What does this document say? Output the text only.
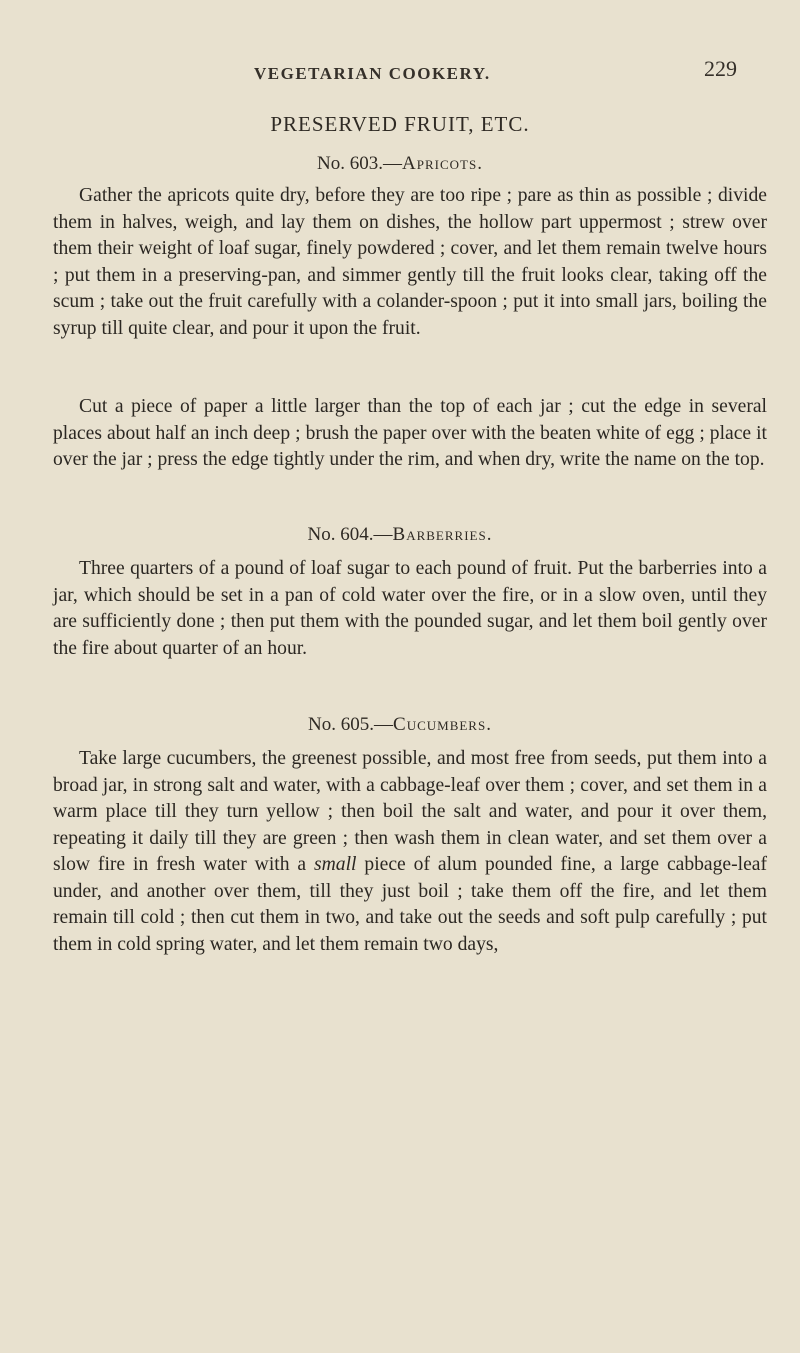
VEGETARIAN COOKERY.	229
PRESERVED FRUIT, ETC.
No. 603.—Apricots.

Gather the apricots quite dry, before they are too ripe ; pare as thin as possible ; divide them in halves, weigh, and lay them on dishes, the hollow part uppermost ; strew over them their weight of loaf sugar, finely powdered ; cover, and let them remain twelve hours ; put them in a preserving-pan, and simmer gently till the fruit looks clear, taking off the scum ; take out the fruit carefully with a colander-spoon ; put it into small jars, boiling the syrup till quite clear, and pour it upon the fruit.

Cut a piece of paper a little larger than the top of each jar ; cut the edge in several places about half an inch deep ; brush the paper over with the beaten white of egg ; place it over the jar ; press the edge tightly under the rim, and when dry, write the name on the top.

No. 604.—Barberries.

Three quarters of a pound of loaf sugar to each pound of fruit. Put the barberries into a jar, which should be set in a pan of cold water over the fire, or in a slow oven, until they are sufficiently done ; then put them with the pounded sugar, and let them boil gently over the fire about quarter of an hour.

No. 605.—Cucumbers.

Take large cucumbers, the greenest possible, and most free from seeds, put them into a broad jar, in strong salt and water, with a cabbage-leaf over them ; cover, and set them in a warm place till they turn yellow ; then boil the salt and water, and pour it over them, repeating it daily till they are green ; then wash them in clean water, and set them over a slow fire in fresh water with a small piece of alum pounded fine, a large cabbage-leaf under, and another over them, till they just boil ; take them off the fire, and let them remain till cold ; then cut them in two, and take out the seeds and soft pulp carefully ; put them in cold spring water, and let them remain two days,
